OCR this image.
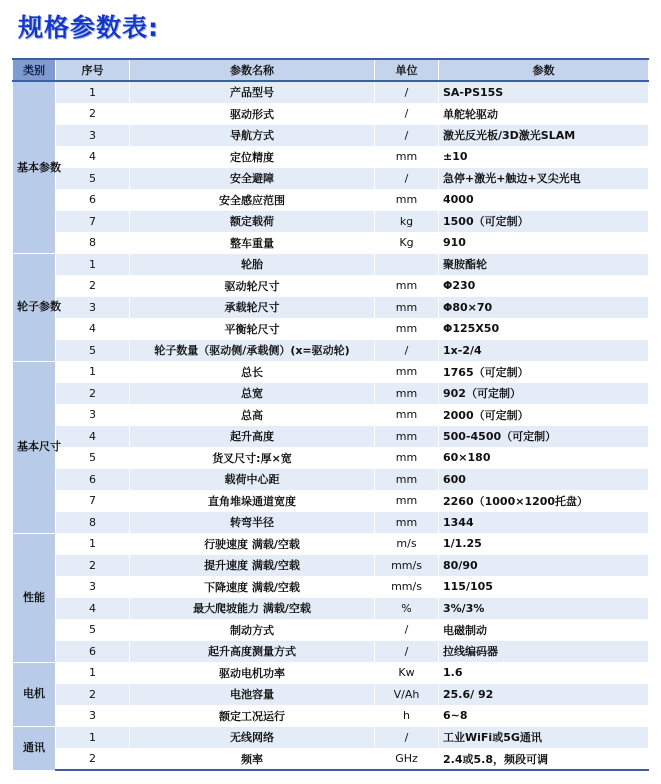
规格参数表:
类别	序号	参数名称	单位	参数
基本参数	1	产品型号	/	SA-PS15S
	2	驱动形式	/	单舵轮驱动
	3	导航方式	/	激光反光板/3D激光SLAM
	4	定位精度	mm	±10
	5	安全避障	/	急停+激光+触边+叉尖光电
	6	安全感应范围	mm	4000
	7	额定载荷	kg	1500（可定制）
	8	整车重量	Kg	910
轮子参数	1	轮胎		聚胺酯轮
	2	驱动轮尺寸	mm	Φ230
	3	承载轮尺寸	mm	Φ80×70
	4	平衡轮尺寸	mm	Φ125X50
	5	轮子数量（驱动侧/承载侧）(x=驱动轮)	/	1x-2/4
基本尺寸	1	总长	mm	1765（可定制）
	2	总宽	mm	902（可定制）
	3	总高	mm	2000（可定制）
	4	起升高度	mm	500-4500（可定制）
	5	货叉尺寸:厚×宽	mm	60×180
	6	载荷中心距	mm	600
	7	直角堆垛通道宽度	mm	2260（1000×1200托盘）
	8	转弯半径	mm	1344
性能	1	行驶速度 满载/空载	m/s	1/1.25
	2	提升速度 满载/空载	mm/s	80/90
	3	下降速度 满载/空载	mm/s	115/105
	4	最大爬坡能力 满载/空载	%	3%/3%
	5	制动方式	/	电磁制动
	6	起升高度测量方式	/	拉线编码器
电机	1	驱动电机功率	Kw	1.6
	2	电池容量	V/Ah	25.6/ 92
	3	额定工况运行	h	6~8
通讯	1	无线网络	/	工业WiFi或5G通讯
	2	频率	GHz	2.4或5.8，频段可调
